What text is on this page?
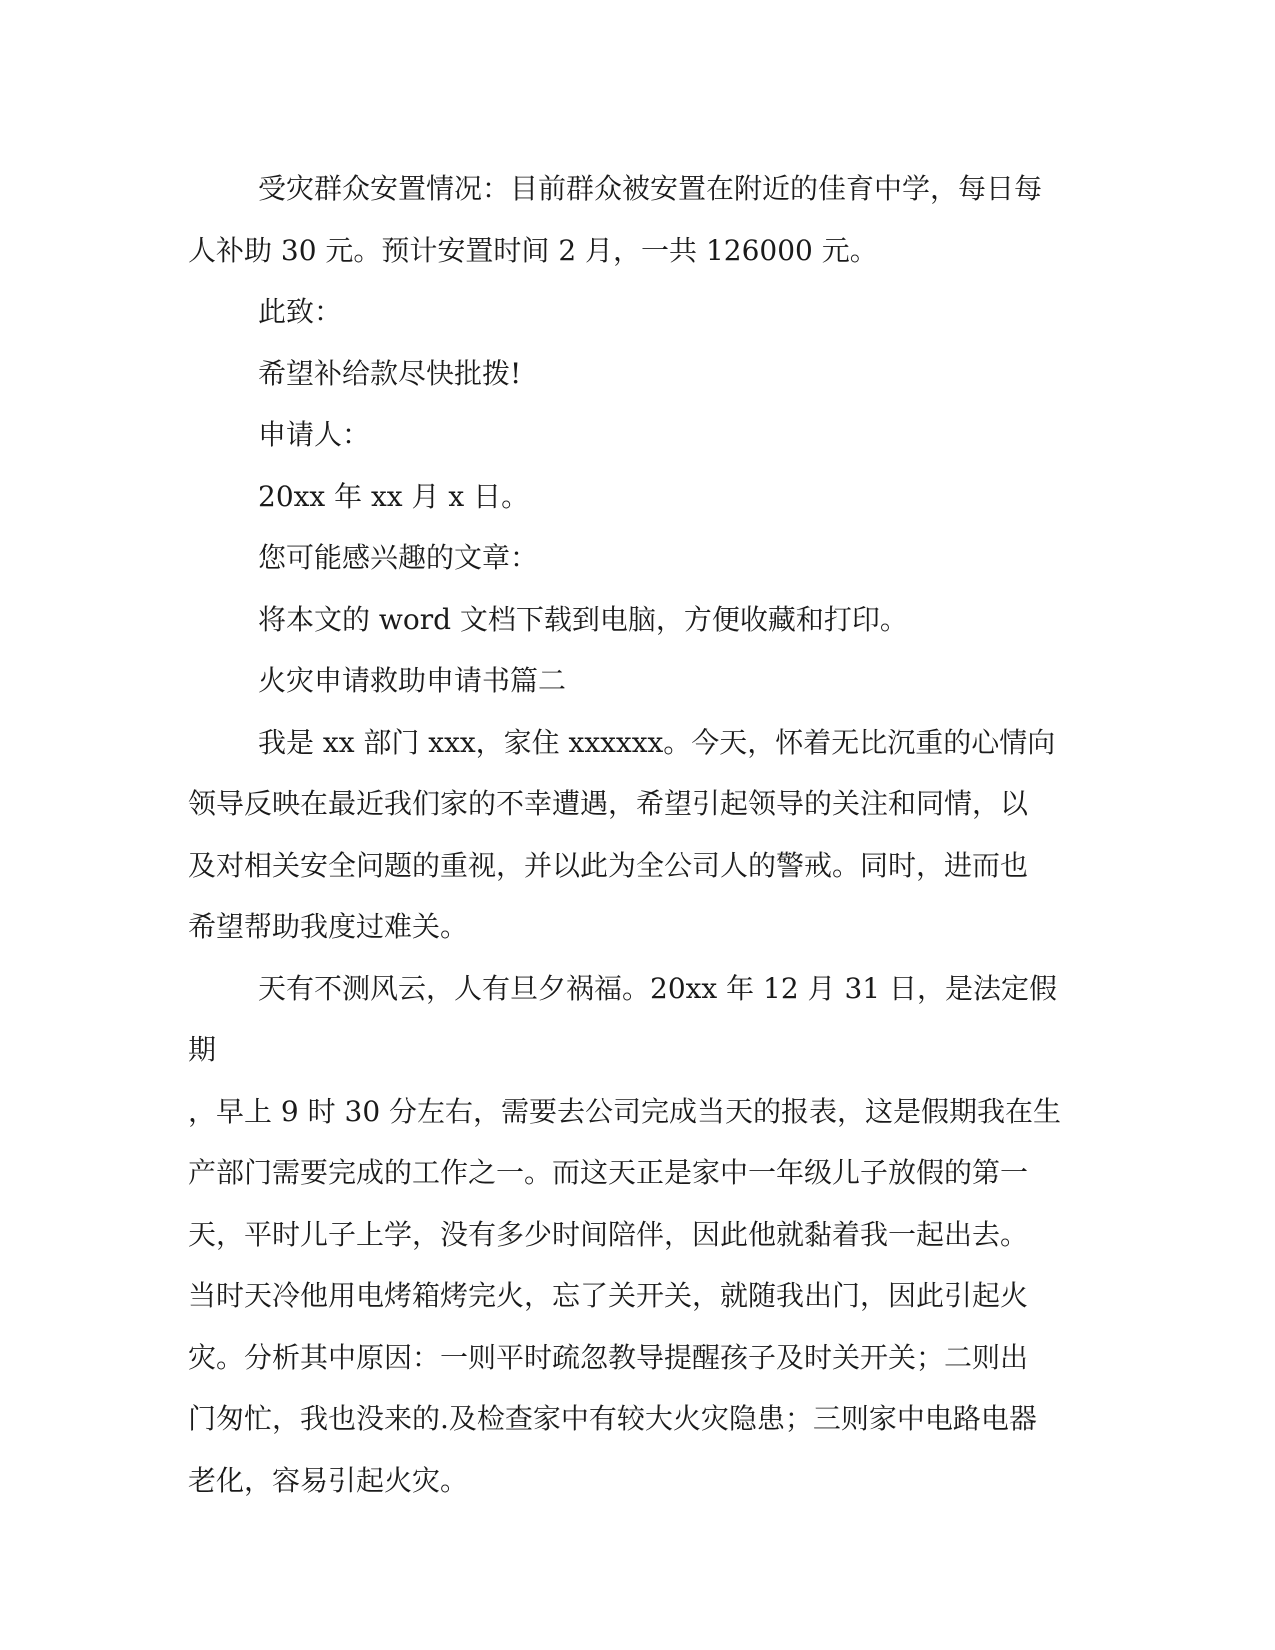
受灾群众安置情况：目前群众被安置在附近的佳育中学，每日每
人补助 30 元。预计安置时间 2 月，一共 126000 元。

此致：

希望补给款尽快批拨!

申请人：

20xx 年 xx 月 x 日。

您可能感兴趣的文章：

将本文的 word 文档下载到电脑，方便收藏和打印。

火灾申请救助申请书篇二

我是 xx 部门 xxx，家住 xxxxxx。今天，怀着无比沉重的心情向
领导反映在最近我们家的不幸遭遇，希望引起领导的关注和同情，以
及对相关安全问题的重视，并以此为全公司人的警戒。同时，进而也
希望帮助我度过难关。

天有不测风云，人有旦夕祸福。20xx 年 12 月 31 日，是法定假期
，早上 9 时 30 分左右，需要去公司完成当天的报表，这是假期我在生
产部门需要完成的工作之一。而这天正是家中一年级儿子放假的第一
天，平时儿子上学，没有多少时间陪伴，因此他就黏着我一起出去。
当时天冷他用电烤箱烤完火，忘了关开关，就随我出门，因此引起火
灾。分析其中原因：一则平时疏忽教导提醒孩子及时关开关；二则出
门匆忙，我也没来的.及检查家中有较大火灾隐患；三则家中电路电器
老化，容易引起火灾。
